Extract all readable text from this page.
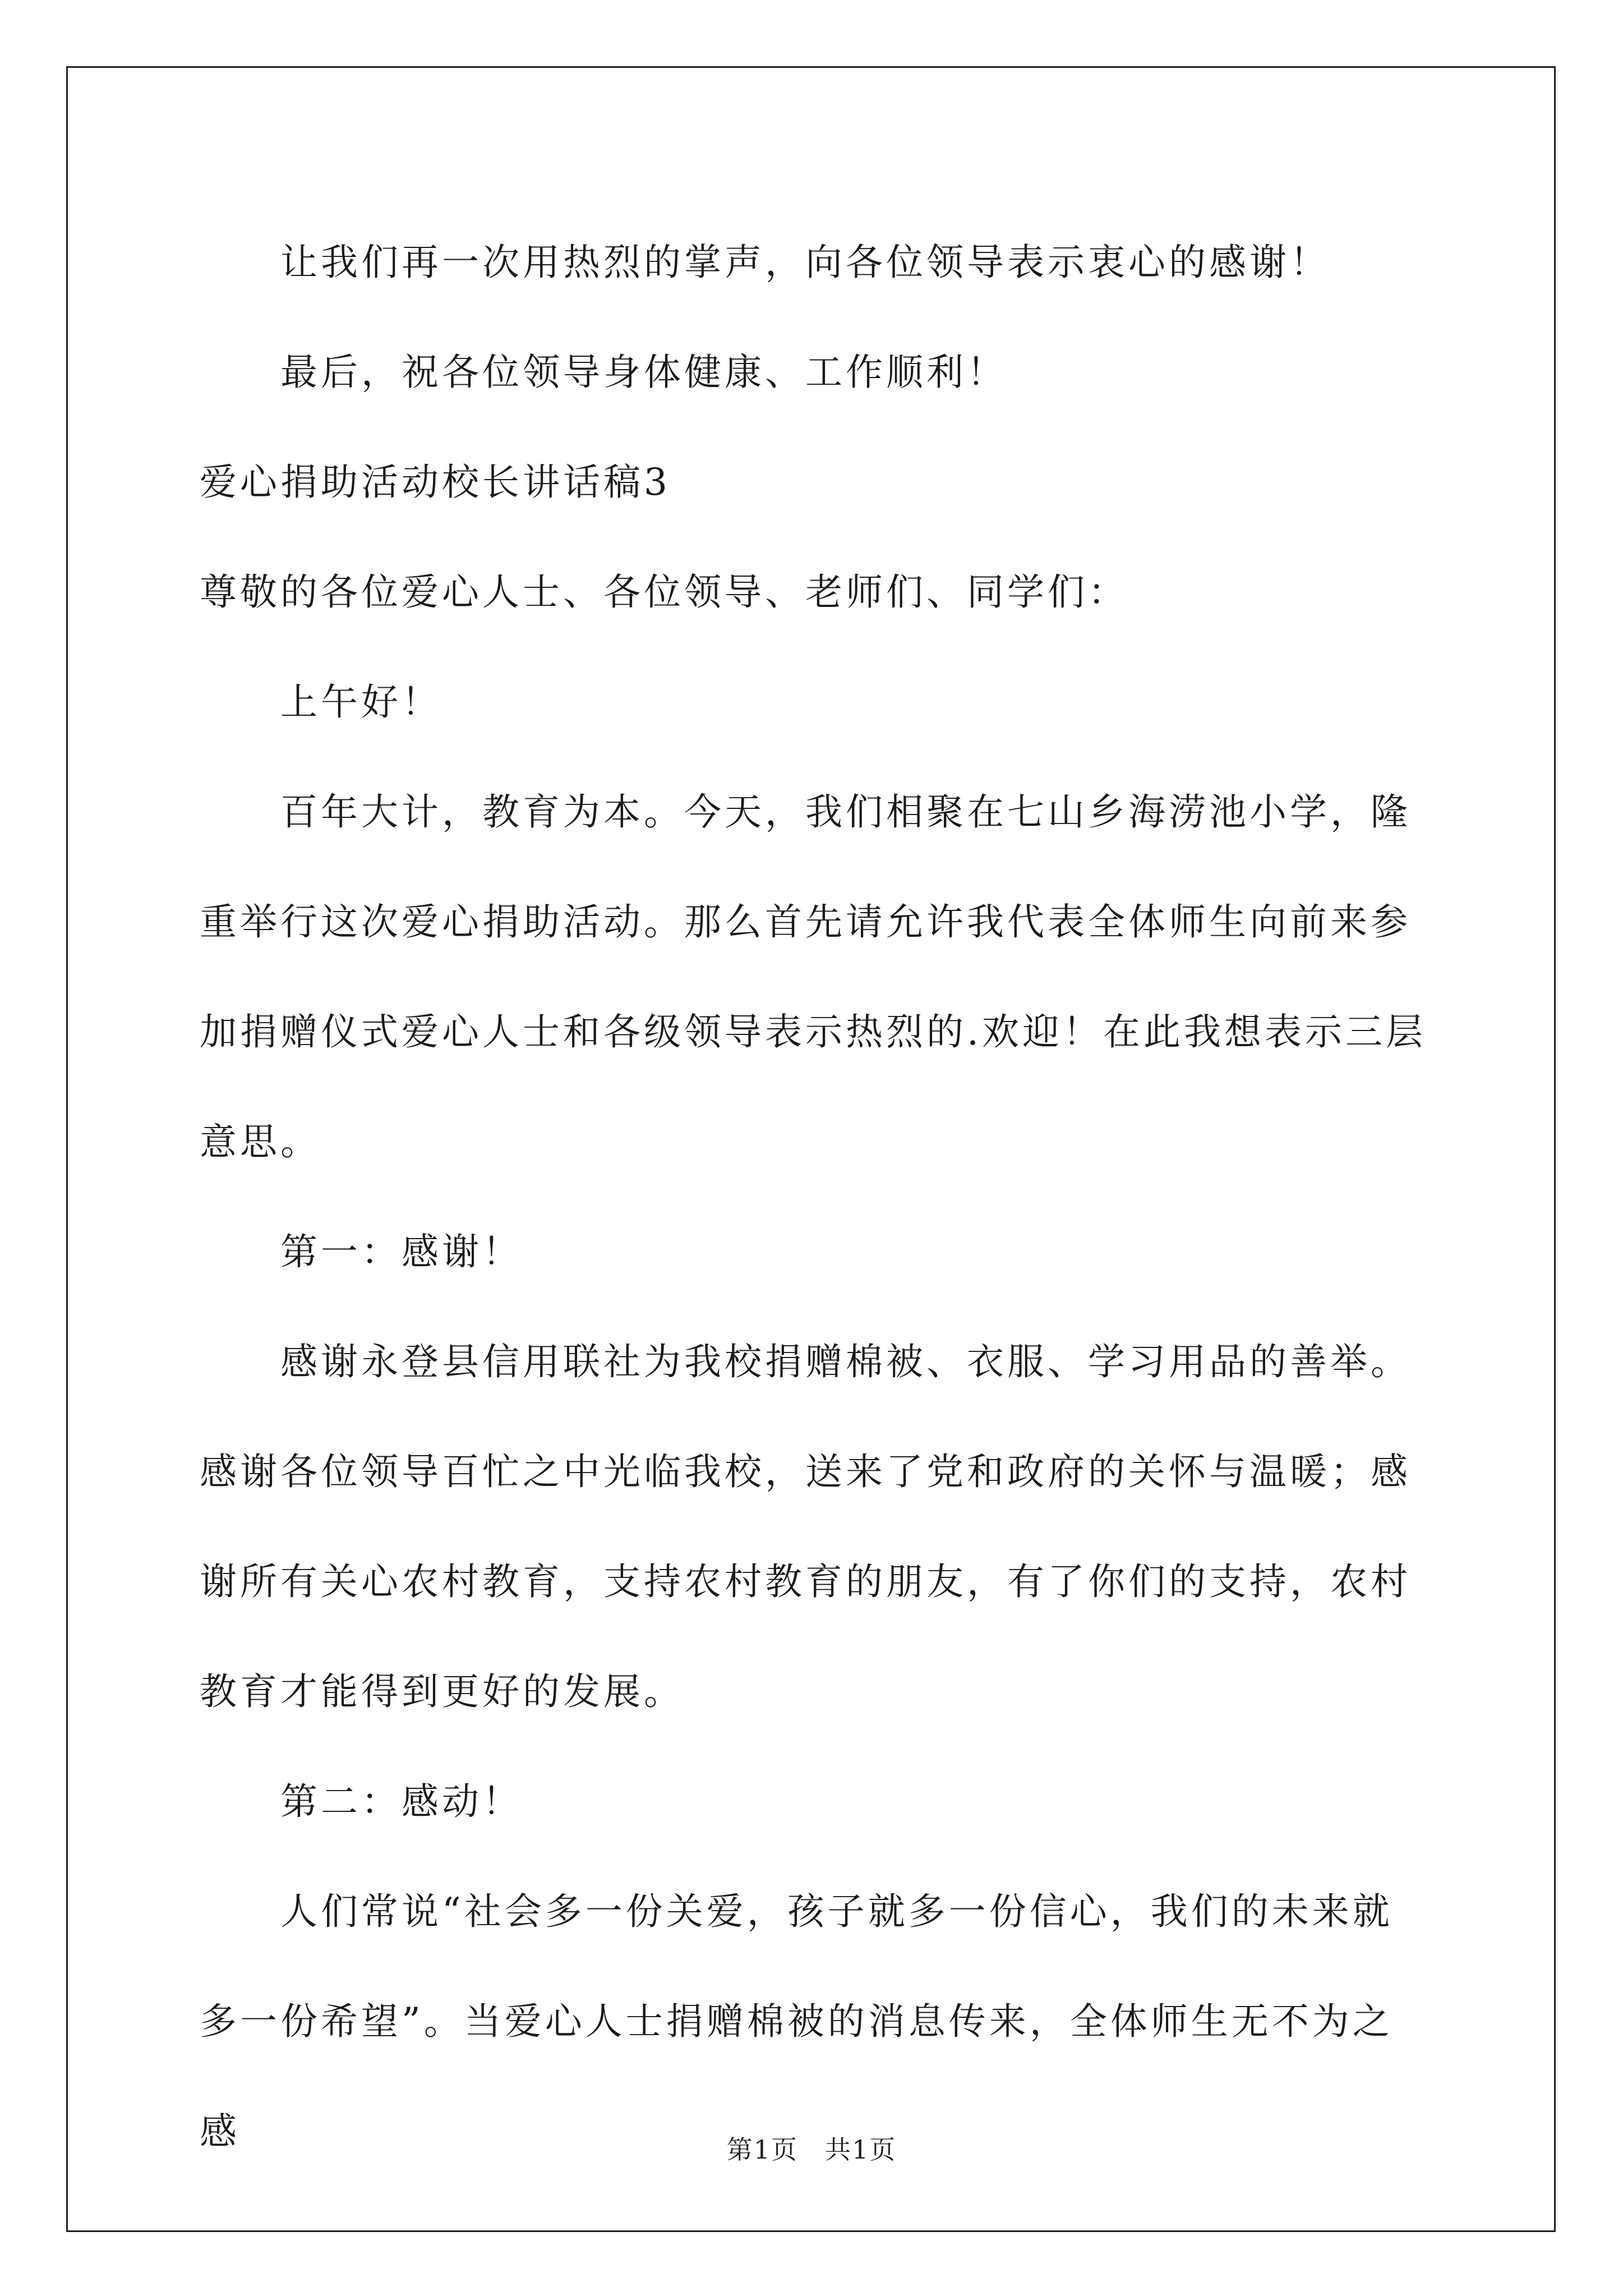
让我们再一次用热烈的掌声，向各位领导表示衷心的感谢！

最后，祝各位领导身体健康、工作顺利！

爱心捐助活动校长讲话稿3

尊敬的各位爱心人士、各位领导、老师们、同学们：

上午好！

百年大计，教育为本。今天，我们相聚在七山乡海涝池小学，隆重举行这次爱心捐助活动。那么首先请允许我代表全体师生向前来参加捐赠仪式爱心人士和各级领导表示热烈的.欢迎！在此我想表示三层意思。

第一：感谢！

感谢永登县信用联社为我校捐赠棉被、衣服、学习用品的善举。感谢各位领导百忙之中光临我校，送来了党和政府的关怀与温暖；感谢所有关心农村教育，支持农村教育的朋友，有了你们的支持，农村教育才能得到更好的发展。

第二：感动！

人们常说“社会多一份关爱，孩子就多一份信心，我们的未来就多一份希望”。当爱心人士捐赠棉被的消息传来，全体师生无不为之感	第1页　共1页
